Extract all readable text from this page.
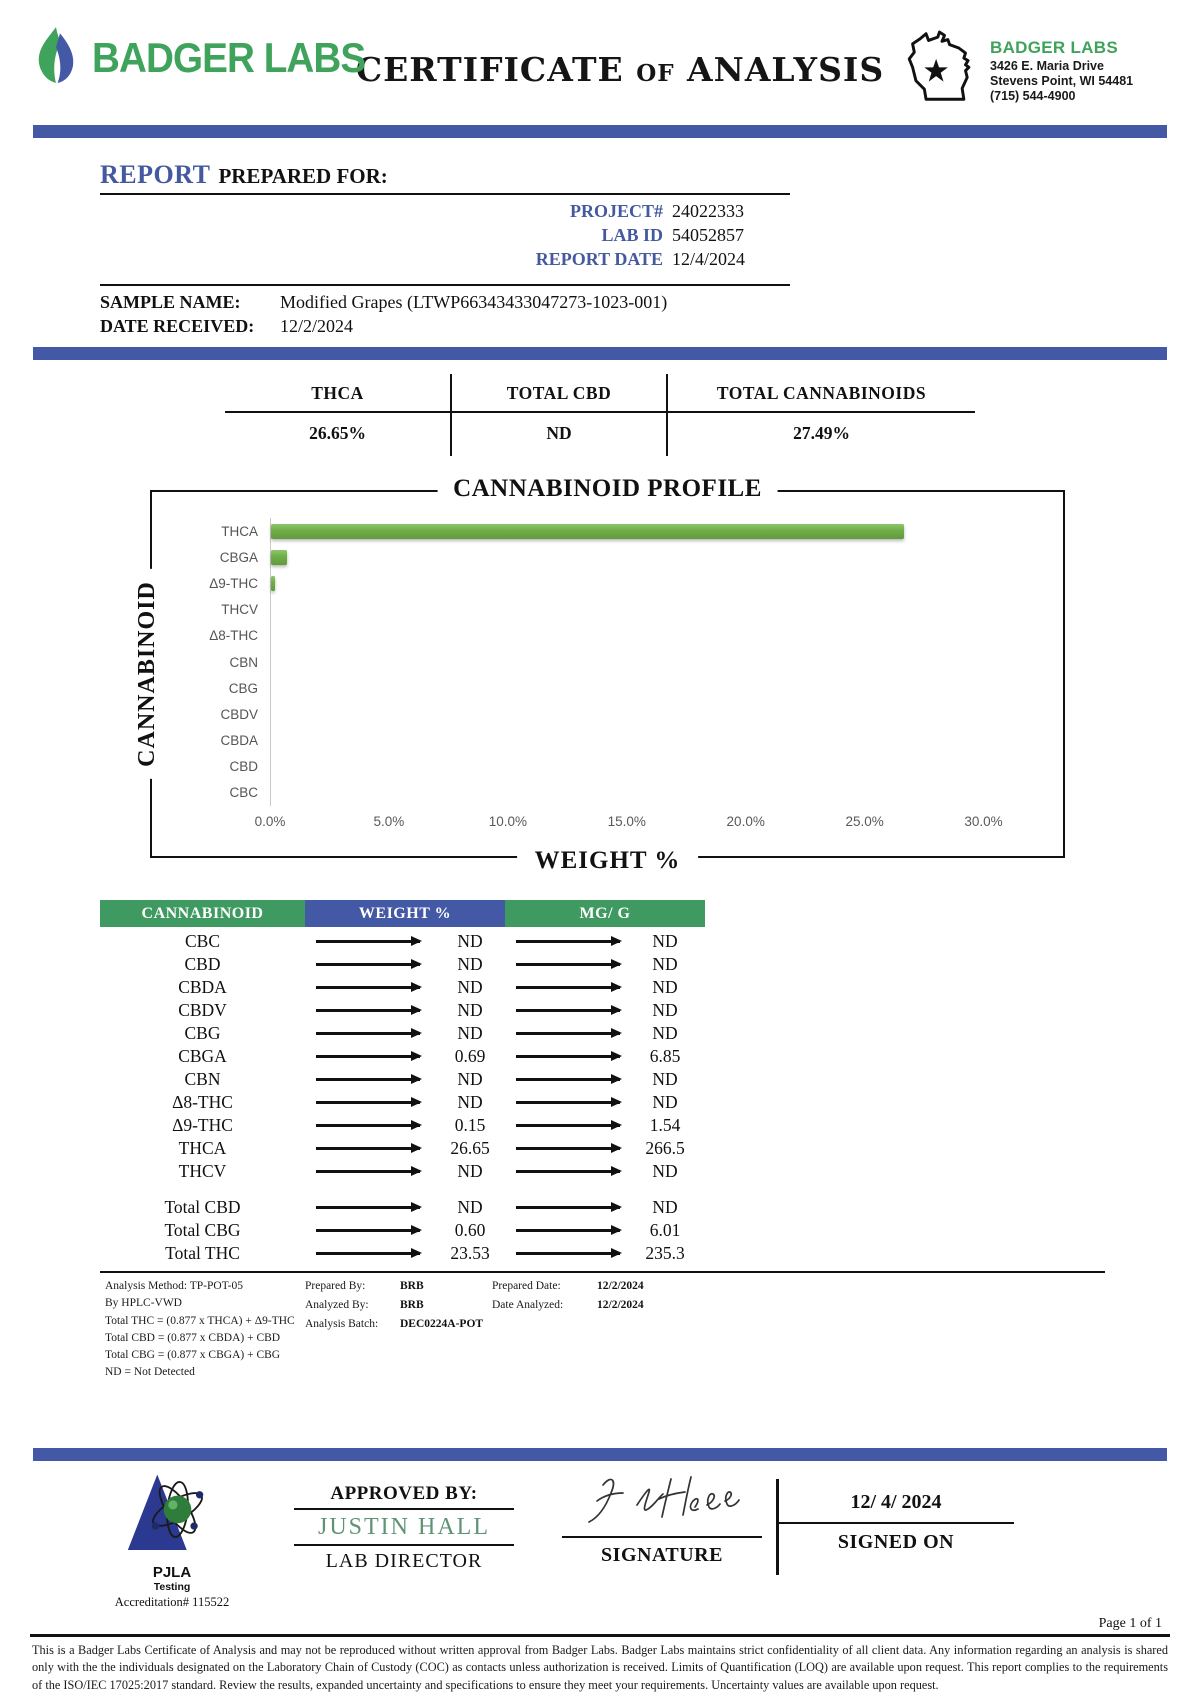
BADGER LABS
CERTIFICATE of ANALYSIS
BADGER LABS
3426 E. Maria Drive
Stevens Point, WI 54481
(715) 544-4900
REPORT PREPARED FOR:
PROJECT# 24022333
LAB ID 54052857
REPORT DATE 12/4/2024
SAMPLE NAME:	Modified Grapes (LTWP66343433047273-1023-001)
DATE RECEIVED:	12/2/2024
THCA	TOTAL CBD	TOTAL CANNABINOIDS
26.65%	ND	27.49%
CANNABINOID PROFILE
CANNABINOID
THCA
CBGA
Δ9-THC
THCV
Δ8-THC
CBN
CBG
CBDV
CBDA
CBD
CBC
0.0%	5.0%	10.0%	15.0%	20.0%	25.0%	30.0%
WEIGHT %
CANNABINOID	WEIGHT %	MG/ G
CBC	ND	ND
CBD	ND	ND
CBDA	ND	ND
CBDV	ND	ND
CBG	ND	ND
CBGA	0.69	6.85
CBN	ND	ND
Δ8-THC	ND	ND
Δ9-THC	0.15	1.54
THCA	26.65	266.5
THCV	ND	ND
Total CBD	ND	ND
Total CBG	0.60	6.01
Total THC	23.53	235.3
Analysis Method: TP-POT-05
By HPLC-VWD
Total THC = (0.877 x THCA) + Δ9-THC
Total CBD = (0.877 x CBDA) + CBD
Total CBG = (0.877 x CBGA) + CBG
ND = Not Detected
Prepared By:	BRB	Prepared Date:	12/2/2024
Analyzed By:	BRB	Date Analyzed:	12/2/2024
Analysis Batch:	DEC0224A-POT
PJLA
Testing
Accreditation# 115522
APPROVED BY:
JUSTIN HALL
LAB DIRECTOR	SIGNATURE
12/ 4/ 2024
SIGNED ON
Page 1 of 1
This is a Badger Labs Certificate of Analysis and may not be reproduced without written approval from Badger Labs. Badger Labs maintains strict confidentiality of all client data. Any information regarding an analysis is shared only with the the individuals designated on the Laboratory Chain of Custody (COC) as contacts unless authorization is received. Limits of Quantification (LOQ) are available upon request. This report complies to the requirements of the ISO/IEC 17025:2017 standard. Review the results, expanded uncertainty and specifications to ensure they meet your requirements. Uncertainty values are available upon request.
